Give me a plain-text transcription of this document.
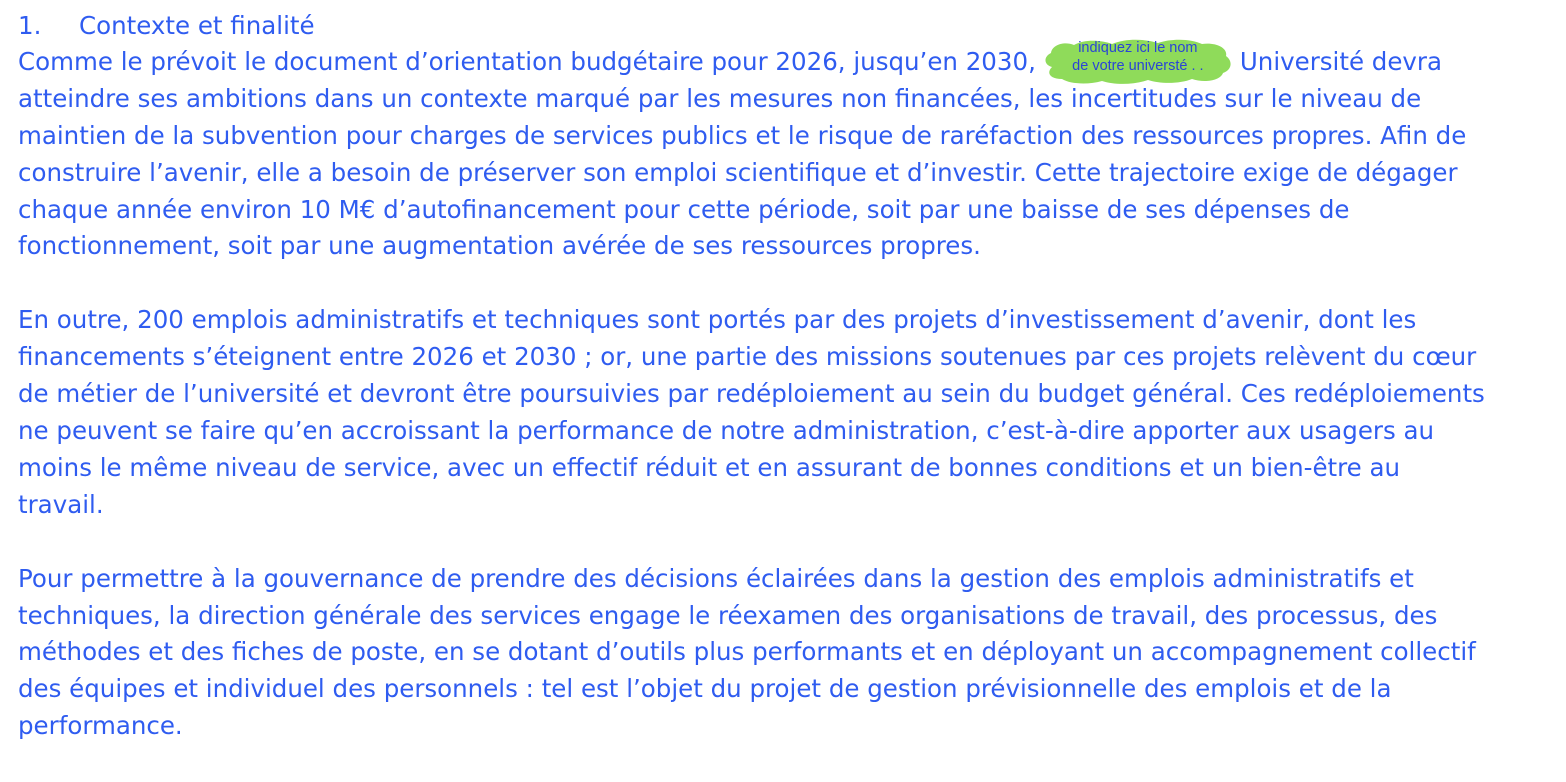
1. Contexte et finalité
Comme le prévoit le document d’orientation budgétaire pour 2026, jusqu’en 2030,	indiquez ici le nom
de votre universté . .	Université devra
atteindre ses ambitions dans un contexte marqué par les mesures non financées, les incertitudes sur le niveau de
maintien de la subvention pour charges de services publics et le risque de raréfaction des ressources propres. Afin de
construire l’avenir, elle a besoin de préserver son emploi scientifique et d’investir. Cette trajectoire exige de dégager
chaque année environ 10 M€ d’autofinancement pour cette période, soit par une baisse de ses dépenses de
fonctionnement, soit par une augmentation avérée de ses ressources propres.
En outre, 200 emplois administratifs et techniques sont portés par des projets d’investissement d’avenir, dont les
financements s’éteignent entre 2026 et 2030 ; or, une partie des missions soutenues par ces projets relèvent du cœur
de métier de l’université et devront être poursuivies par redéploiement au sein du budget général. Ces redéploiements
ne peuvent se faire qu’en accroissant la performance de notre administration, c’est-à-dire apporter aux usagers au
moins le même niveau de service, avec un effectif réduit et en assurant de bonnes conditions et un bien-être au
travail.
Pour permettre à la gouvernance de prendre des décisions éclairées dans la gestion des emplois administratifs et
techniques, la direction générale des services engage le réexamen des organisations de travail, des processus, des
méthodes et des fiches de poste, en se dotant d’outils plus performants et en déployant un accompagnement collectif
des équipes et individuel des personnels : tel est l’objet du projet de gestion prévisionnelle des emplois et de la
performance.
